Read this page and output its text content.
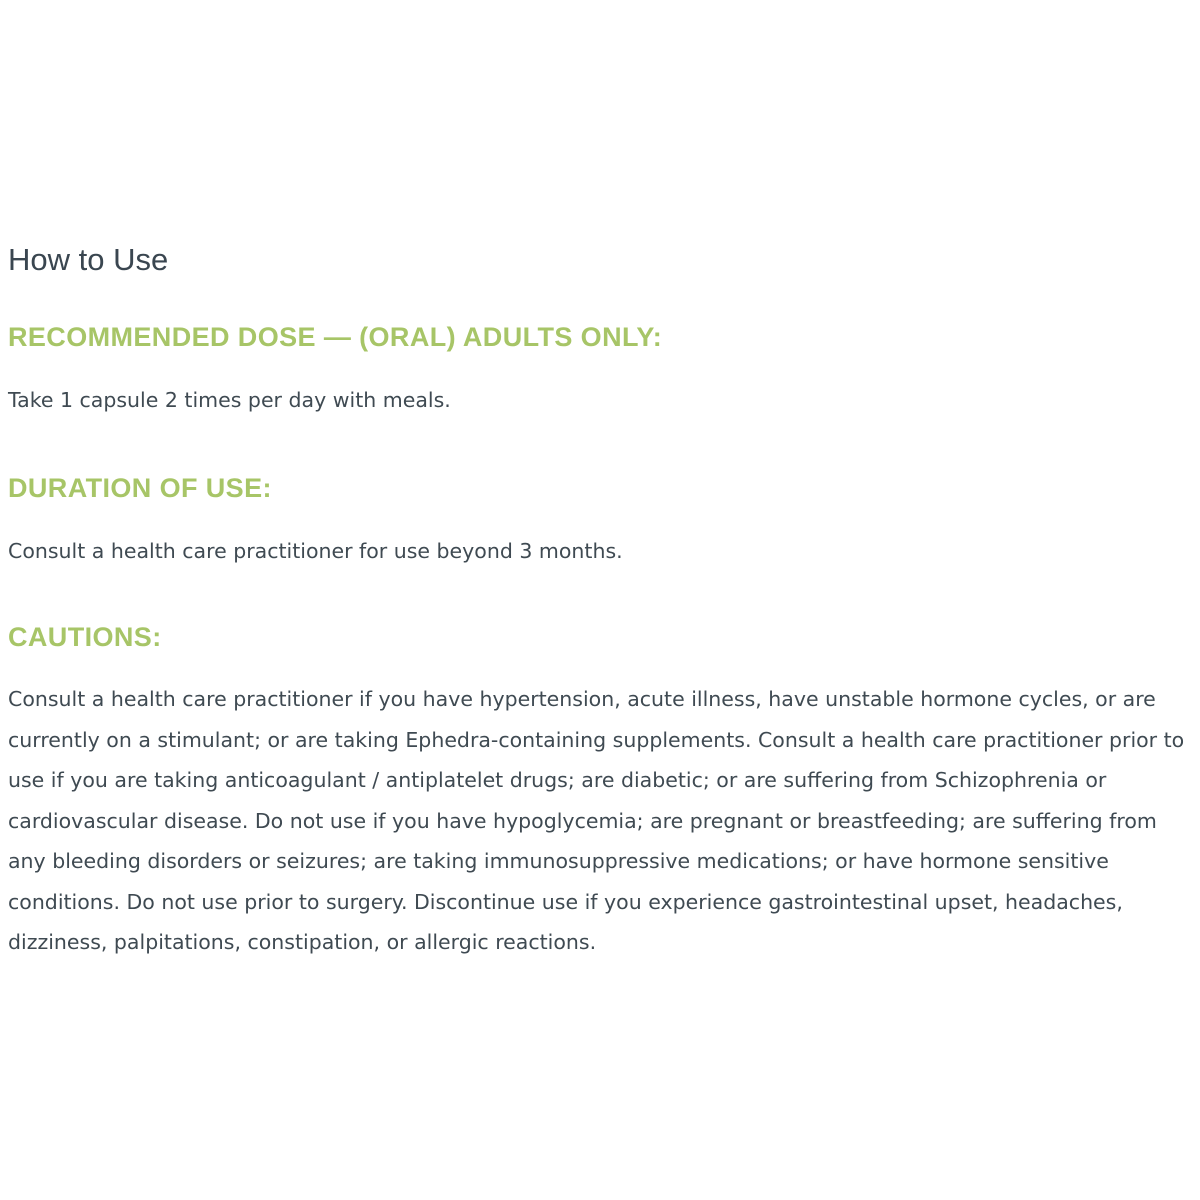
How to Use
RECOMMENDED DOSE — (ORAL) ADULTS ONLY:

Take 1 capsule 2 times per day with meals.

DURATION OF USE:

Consult a health care practitioner for use beyond 3 months.

CAUTIONS:

Consult a health care practitioner if you have hypertension, acute illness, have unstable hormone cycles, or are currently on a stimulant; or are taking Ephedra-containing supplements. Consult a health care practitioner prior to use if you are taking anticoagulant / antiplatelet drugs; are diabetic; or are suffering from Schizophrenia or cardiovascular disease. Do not use if you have hypoglycemia; are pregnant or breastfeeding; are suffering from any bleeding disorders or seizures; are taking immunosuppressive medications; or have hormone sensitive conditions. Do not use prior to surgery. Discontinue use if you experience gastrointestinal upset, headaches, dizziness, palpitations, constipation, or allergic reactions.
